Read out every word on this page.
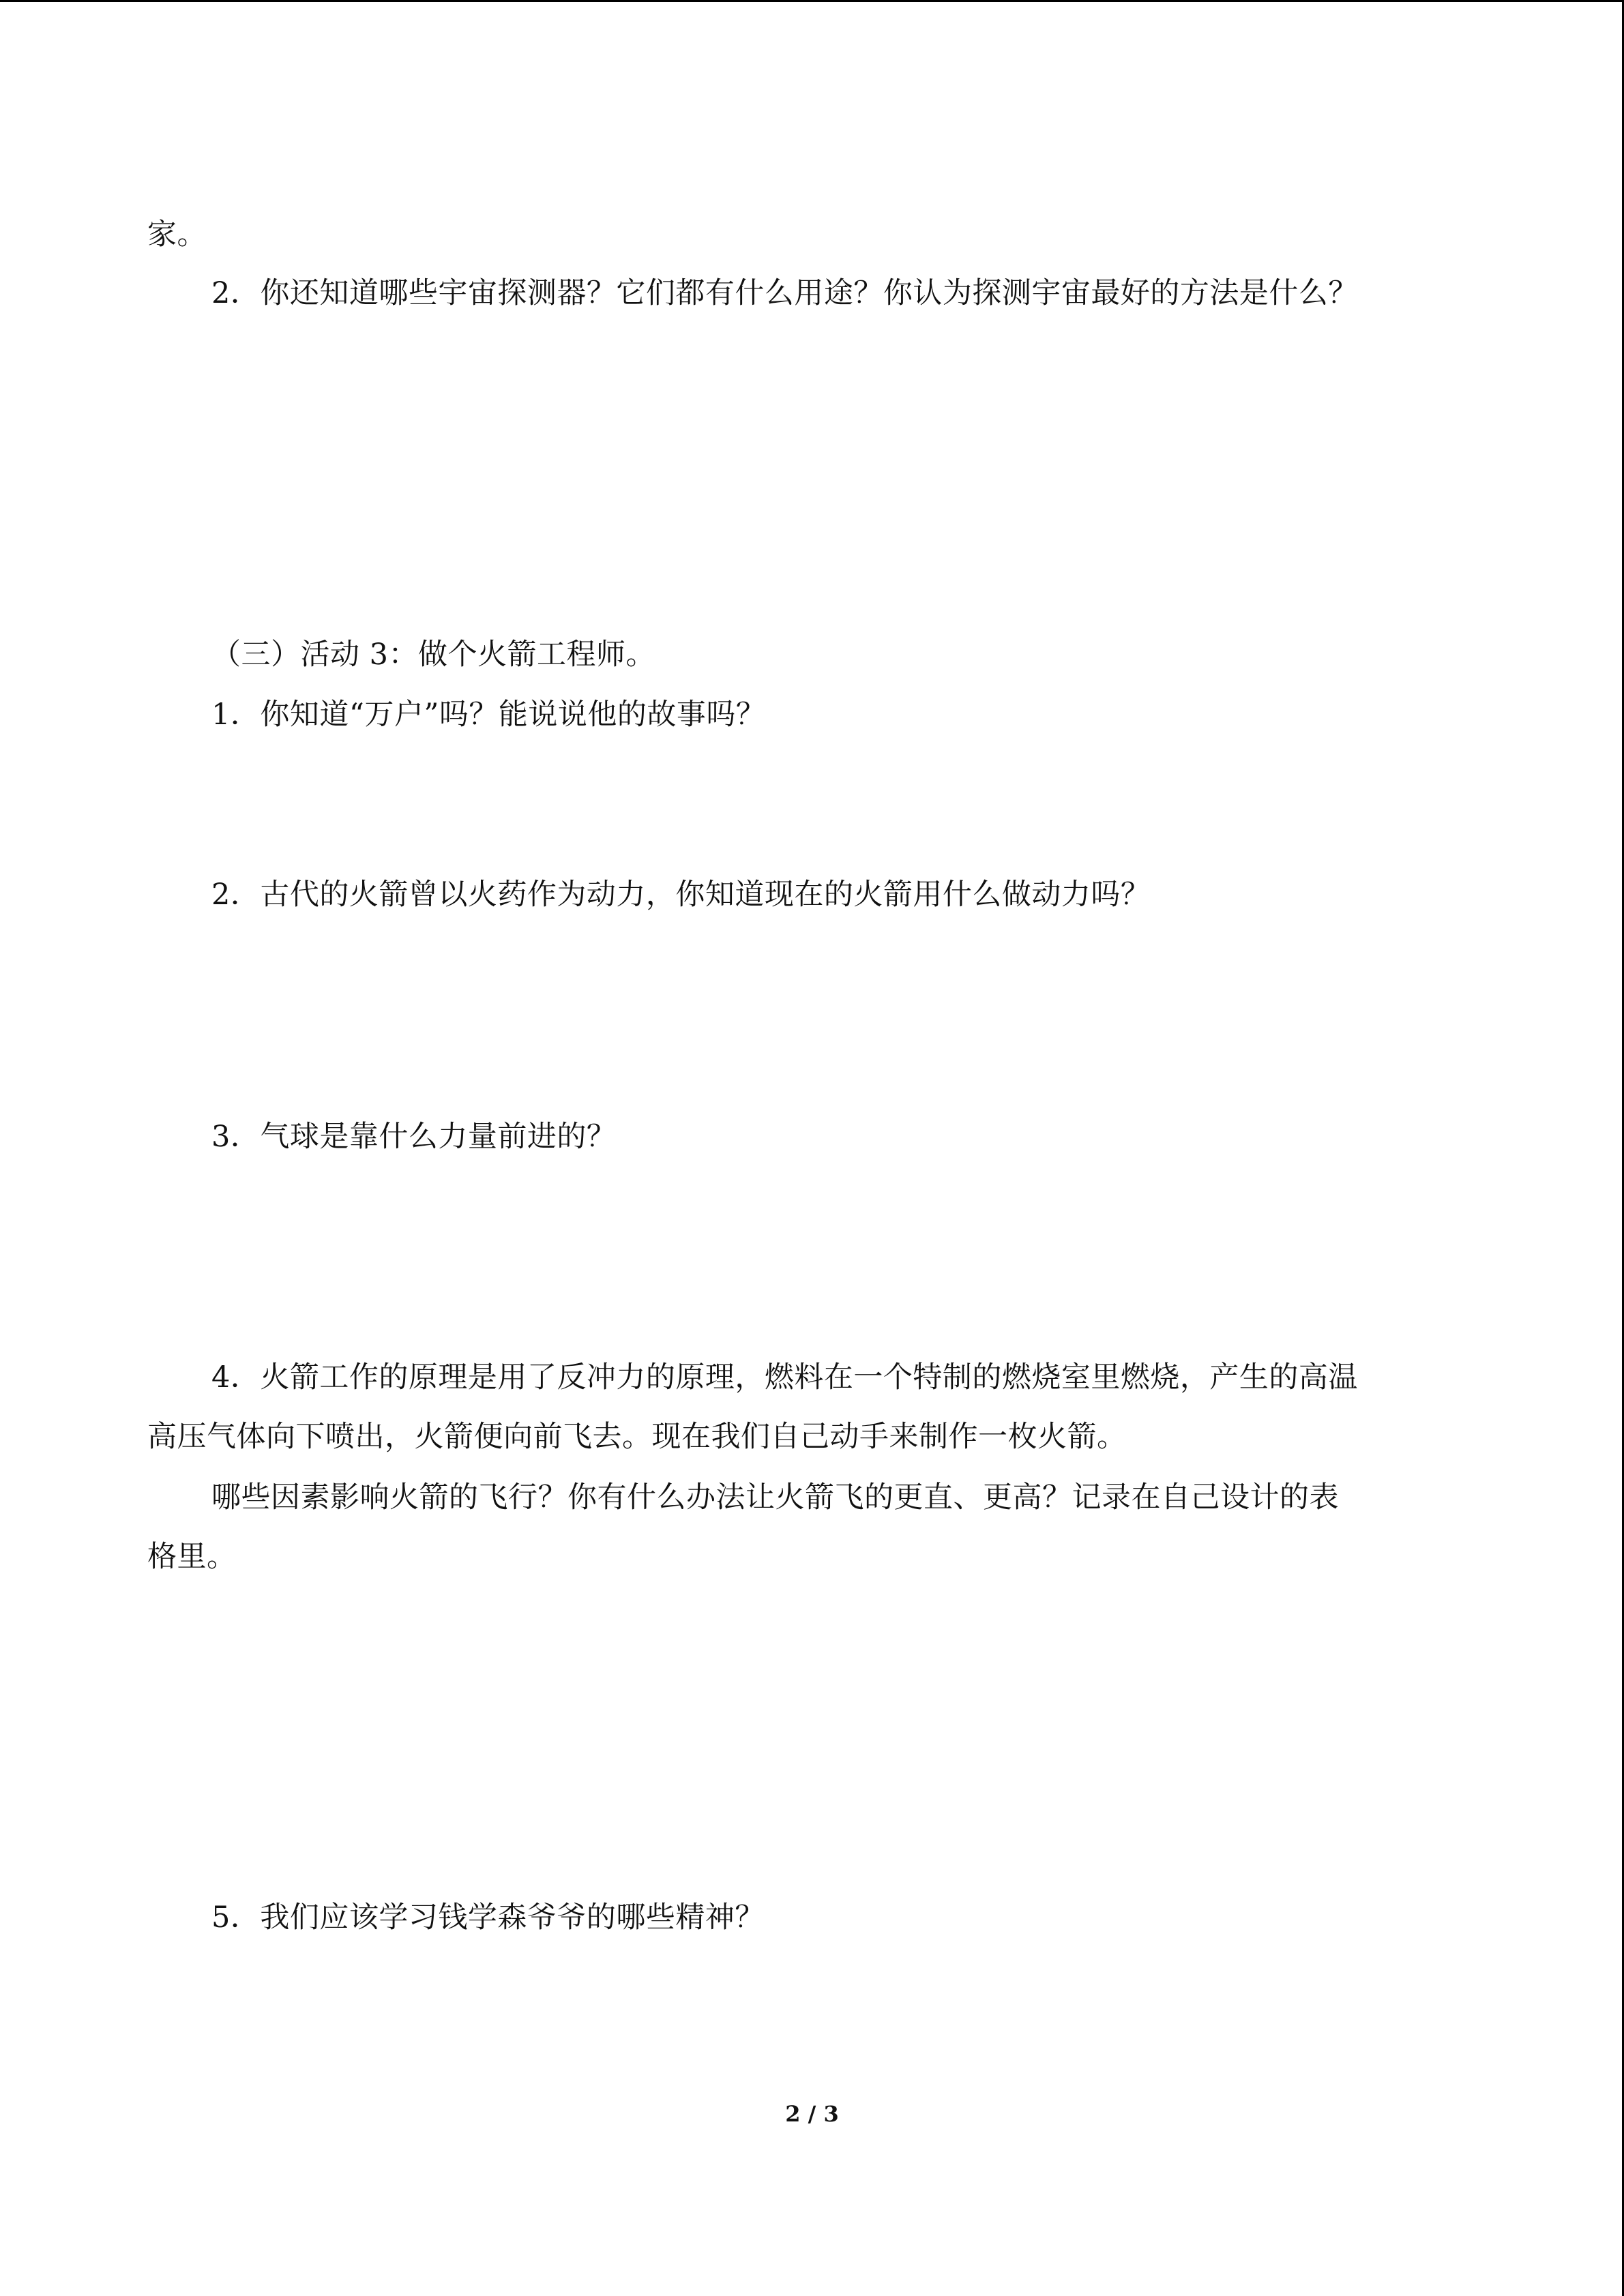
家。
2．你还知道哪些宇宙探测器？它们都有什么用途？你认为探测宇宙最好的方法是什么？
（三）活动 3：做个火箭工程师。
1．你知道“万户”吗？能说说他的故事吗？
2．古代的火箭曾以火药作为动力，你知道现在的火箭用什么做动力吗？
3．气球是靠什么力量前进的？
4．火箭工作的原理是用了反冲力的原理，燃料在一个特制的燃烧室里燃烧，产生的高温
高压气体向下喷出，火箭便向前飞去。现在我们自己动手来制作一枚火箭。
哪些因素影响火箭的飞行？你有什么办法让火箭飞的更直、更高？记录在自己设计的表
格里。
5．我们应该学习钱学森爷爷的哪些精神？
2 / 3
